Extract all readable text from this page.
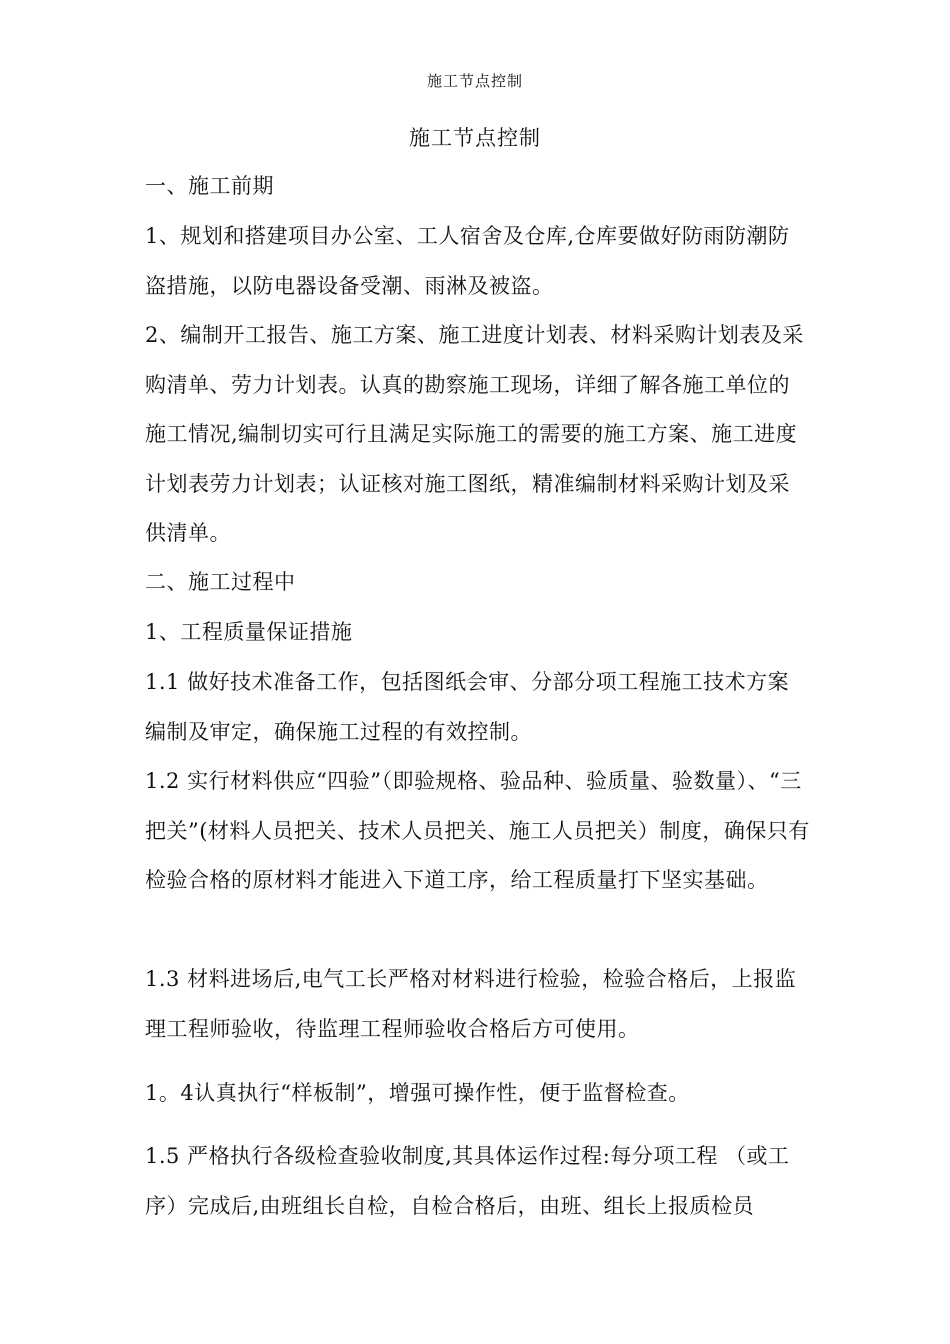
施工节点控制
施工节点控制
一、施工前期
1、规划和搭建项目办公室、工人宿舍及仓库,仓库要做好防雨防潮防盗措施，以防电器设备受潮、雨淋及被盗。
2、编制开工报告、施工方案、施工进度计划表、材料采购计划表及采购清单、劳力计划表。认真的勘察施工现场，详细了解各施工单位的施工情况,编制切实可行且满足实际施工的需要的施工方案、施工进度计划表劳力计划表；认证核对施工图纸，精准编制材料采购计划及采供清单。
二、施工过程中
1、工程质量保证措施
1.1 做好技术准备工作，包括图纸会审、分部分项工程施工技术方案编制及审定，确保施工过程的有效控制。
1.2 实行材料供应“四验”（即验规格、验品种、验质量、验数量）、“三把关”(材料人员把关、技术人员把关、施工人员把关）制度，确保只有检验合格的原材料才能进入下道工序，给工程质量打下坚实基础。
1.3 材料进场后,电气工长严格对材料进行检验，检验合格后，上报监理工程师验收，待监理工程师验收合格后方可使用。
1。4认真执行“样板制”，增强可操作性，便于监督检查。
1.5 严格执行各级检查验收制度,其具体运作过程:每分项工程 （或工序）完成后,由班组长自检，自检合格后，由班、组长上报质检员
